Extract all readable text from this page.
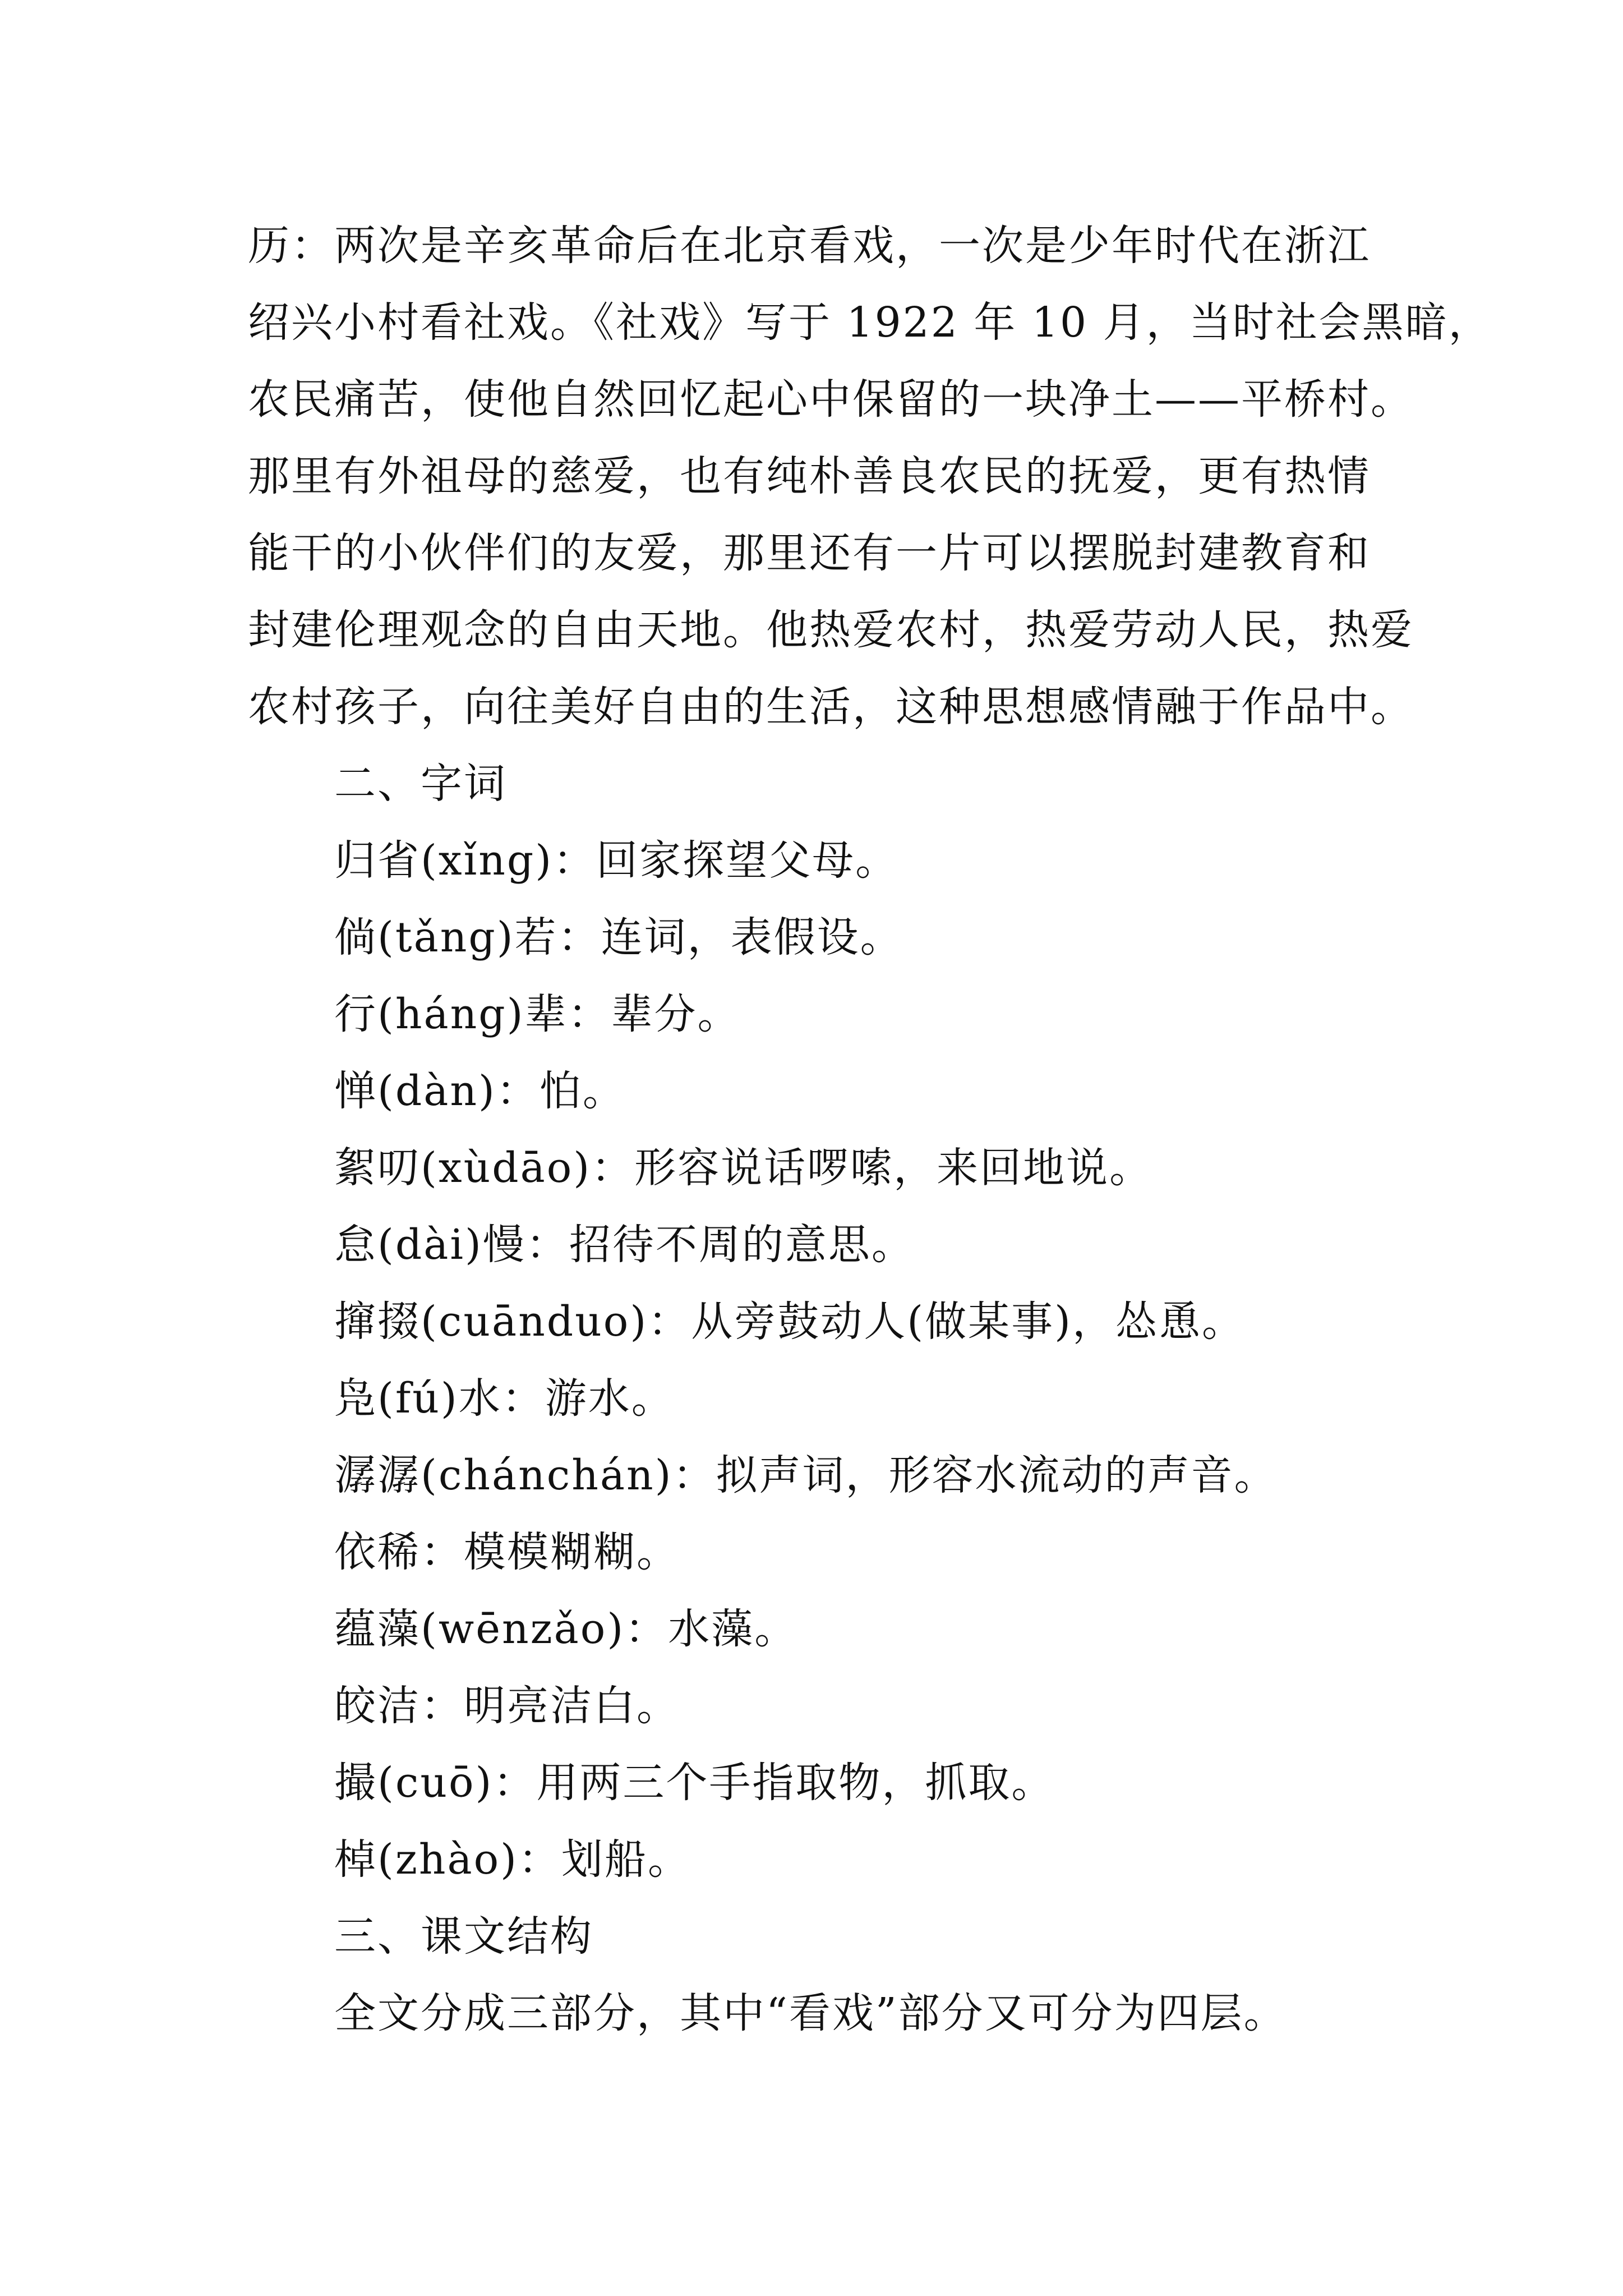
历：两次是辛亥革命后在北京看戏，一次是少年时代在浙江
绍兴小村看社戏。《社戏》写于 1922 年 10 月，当时社会黑暗，
农民痛苦，使他自然回忆起心中保留的一块净土——平桥村。
那里有外祖母的慈爱，也有纯朴善良农民的抚爱，更有热情
能干的小伙伴们的友爱，那里还有一片可以摆脱封建教育和
封建伦理观念的自由天地。他热爱农村，热爱劳动人民，热爱
农村孩子，向往美好自由的生活，这种思想感情融于作品中。
二、字词
归省(xǐng)：回家探望父母。
倘(tǎng)若：连词，表假设。
行(háng)辈：辈分。
惮(dàn)：怕。
絮叨(xùdāo)：形容说话啰嗦，来回地说。
怠(dài)慢：招待不周的意思。
撺掇(cuānduo)：从旁鼓动人(做某事)，怂恿。
凫(fú)水：游水。
潺潺(chánchán)：拟声词，形容水流动的声音。
依稀：模模糊糊。
蕴藻(wēnzǎo)：水藻。
皎洁：明亮洁白。
撮(cuō)：用两三个手指取物，抓取。
棹(zhào)：划船。
三、课文结构
全文分成三部分，其中“看戏”部分又可分为四层。
